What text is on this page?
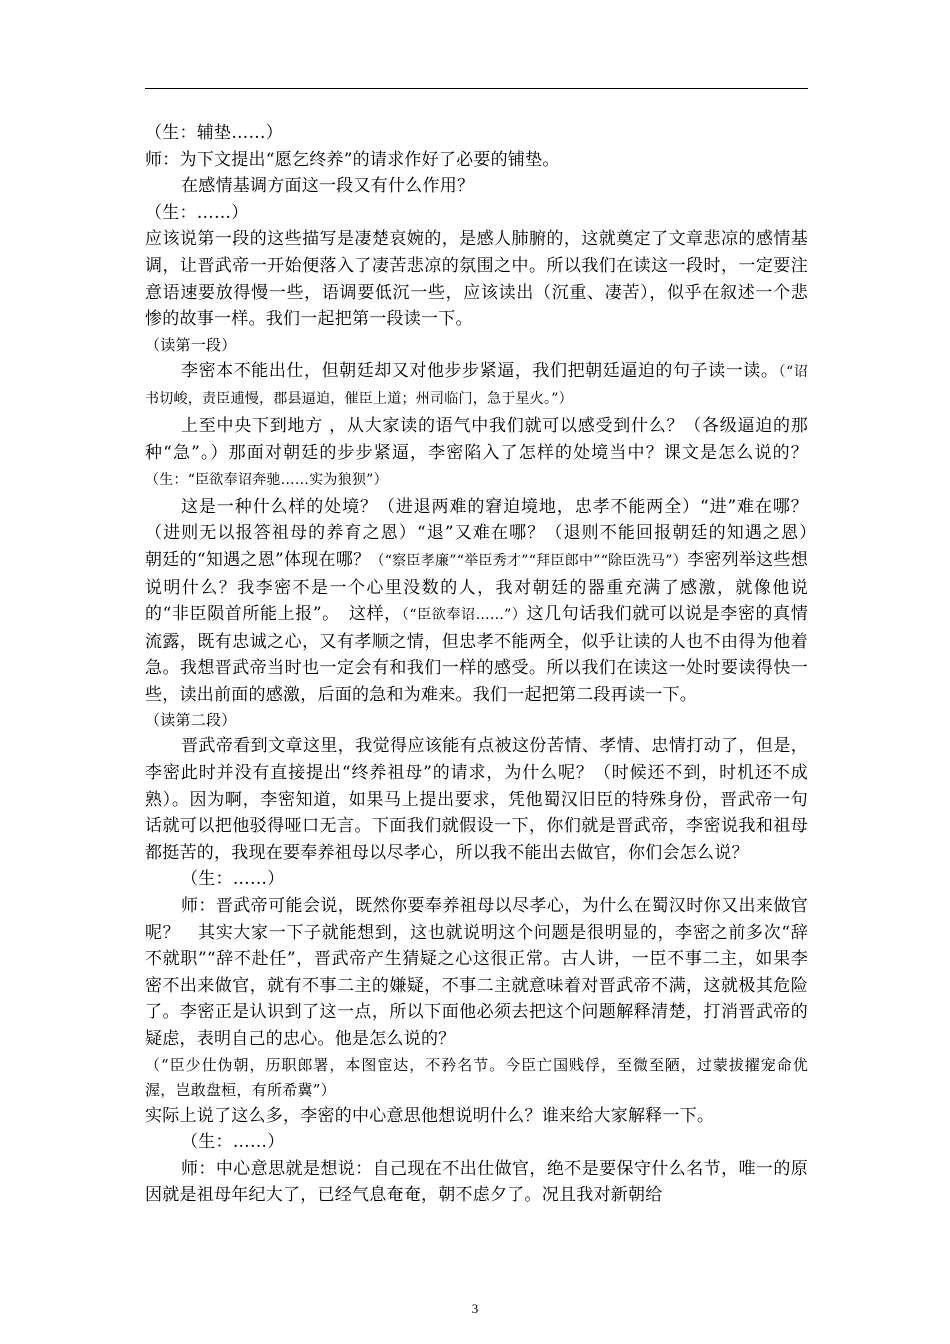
（生：辅垫……）

师：为下文提出“愿乞终养”的请求作好了必要的铺垫。

在感情基调方面这一段又有什么作用？

（生：……）

应该说第一段的这些描写是凄楚哀婉的，是感人肺腑的，这就奠定了文章悲凉的感情基调，让晋武帝一开始便落入了凄苦悲凉的氛围之中。所以我们在读这一段时，一定要注意语速要放得慢一些，语调要低沉一些，应该读出（沉重、凄苦），似乎在叙述一个悲惨的故事一样。我们一起把第一段读一下。

（读第一段）

李密本不能出仕，但朝廷却又对他步步紧逼，我们把朝廷逼迫的句子读一读。（“诏书切峻，责臣逋慢，郡县逼迫，催臣上道；州司临门，急于星火。”）

上至中央下到地方 ，从大家读的语气中我们就可以感受到什么？（各级逼迫的那种“急”。）那面对朝廷的步步紧逼，李密陷入了怎样的处境当中？课文是怎么说的？（生：“臣欲奉诏奔驰……实为狼狈”）

这是一种什么样的处境？（进退两难的窘迫境地，忠孝不能两全）“进”难在哪？（进则无以报答祖母的养育之恩）“退”又难在哪？（退则不能回报朝廷的知遇之恩）　朝廷的“知遇之恩”体现在哪？（“察臣孝廉”“举臣秀才”“拜臣郎中”“除臣洗马”）李密列举这些想说明什么？我李密不是一个心里没数的人，我对朝廷的器重充满了感激，就像他说的“非臣陨首所能上报”。　这样，（“臣欲奉诏……”）这几句话我们就可以说是李密的真情流露，既有忠诚之心，又有孝顺之情，但忠孝不能两全，似乎让读的人也不由得为他着急。我想晋武帝当时也一定会有和我们一样的感受。所以我们在读这一处时要读得快一些，读出前面的感激，后面的急和为难来。我们一起把第二段再读一下。

（读第二段）

晋武帝看到文章这里，我觉得应该能有点被这份苦情、孝情、忠情打动了，但是，李密此时并没有直接提出“终养祖母”的请求，为什么呢？（时候还不到，时机还不成熟）。因为啊，李密知道，如果马上提出要求，凭他蜀汉旧臣的特殊身份，晋武帝一句话就可以把他驳得哑口无言。下面我们就假设一下，你们就是晋武帝，李密说我和祖母都挺苦的，我现在要奉养祖母以尽孝心，所以我不能出去做官，你们会怎么说？

（生：……）

师：晋武帝可能会说，既然你要奉养祖母以尽孝心，为什么在蜀汉时你又出来做官呢？　其实大家一下子就能想到，这也就说明这个问题是很明显的，李密之前多次“辞不就职”“辞不赴任”，晋武帝产生猜疑之心这很正常。古人讲，一臣不事二主，如果李密不出来做官，就有不事二主的嫌疑，不事二主就意味着对晋武帝不满，这就极其危险了。李密正是认识到了这一点，所以下面他必须去把这个问题解释清楚，打消晋武帝的疑虑，表明自己的忠心。他是怎么说的？

（“臣少仕伪朝，历职郎署，本图宦达，不矜名节。今臣亡国贱俘，至微至陋，过蒙拔擢宠命优渥，岂敢盘桓，有所希冀”）

实际上说了这么多，李密的中心意思他想说明什么？谁来给大家解释一下。

（生：……）

师：中心意思就是想说：自己现在不出仕做官，绝不是要保守什么名节，唯一的原因就是祖母年纪大了，已经气息奄奄，朝不虑夕了。况且我对新朝给

3
